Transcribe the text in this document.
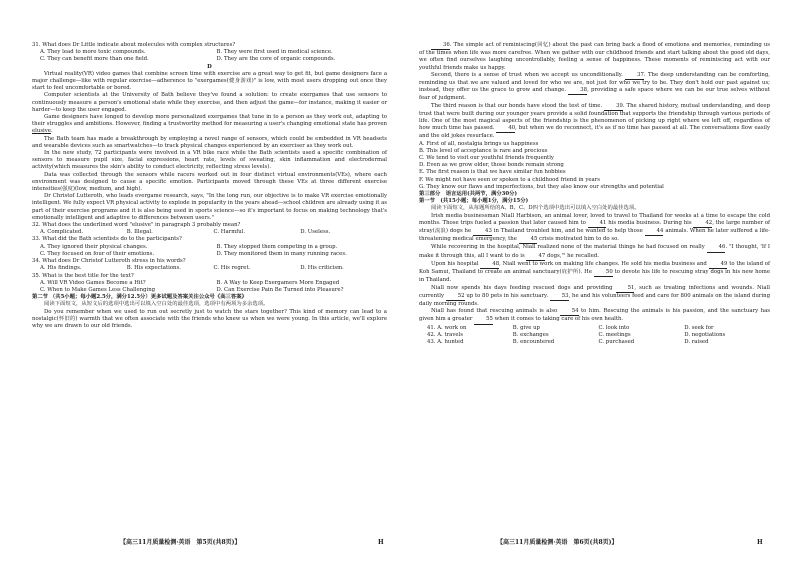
31. What does Dr Little indicate about molecules with complex structures?

A. They lead to more toxic compounds.	B. They were first used in medical science.
C. They can benefit more than one field.	D. They are the core of organic compounds.

D

Virtual reality(VR) video games that combine screen time with exercise are a great way to get fit, but game designers face a major challenge—like with regular exercise—adherence to "exergames(健身游戏)" is low, with most users dropping out once they start to feel uncomfortable or bored.

Computer scientists at the University of Bath believe they've found a solution: to create exergames that use sensors to continuously measure a person's emotional state while they exercise, and then adjust the game—for instance, making it easier or harder—to keep the user engaged.

Game designers have longed to develop more personalized exergames that tune in to a person as they work out, adapting to their struggles and ambitions. However, finding a trustworthy method for measuring a user's changing emotional state has proven elusive.

The Bath team has made a breakthrough by employing a novel range of sensors, which could be embedded in VR headsets and wearable devices such as smartwatches—to track physical changes experienced by an exerciser as they work out.

In the new study, 72 participants were involved in a VR bike race while the Bath scientists used a specific combination of sensors to measure pupil size, facial expressions, heart rate, levels of sweating, skin inflammation and electrodermal activity(which measures the skin's ability to conduct electricity, reflecting stress levels).

Data was collected through the sensors while racers worked out in four distinct virtual environments(VEs), where each environment was designed to cause a specific emotion. Participants moved through these VEs at three different exercise intensities(强度)(low, medium, and high).

Dr Christof Lutteroth, who leads evergame research, says, "In the long run, our objective is to make VR exercise emotionally intelligent. We fully expect VR physical activity to explode in popularity in the years ahead—school children are already using it as part of their exercise programs and it is also being used in sports science—so it's important to focus on making technology that's emotionally intelligent and adaptive to differences between users."

32. What does the underlined word "elusive" in paragraph 3 probably mean?

A. Complicated.	B. Illegal.	C. Harmful.	D. Useless.

33. What did the Bath scientists do to the participants?

A. They ignored their physical changes.	B. They stopped them competing in a group.
C. They focused on four of their emotions.	D. They monitored them in many running races.

34. What does Dr Christof Lutteroth stress in his words?

A. His findings.	B. His expectations.	C. His regret.	D. His criticism.

35. What is the best title for the text?

A. Will VR Video Games Become a Hit?	B. A Way to Keep Exergamers More Engaged
C. When to Make Games Less Challenging	D. Can Exercise Pain Be Turned into Pleasure?

第二节 （共5小题；每小题2.5分，满分12.5分）更多试题及答案关注公众号《高三答案》

阅读下面短文，从短文后的选项中选出可以填入空白处的最佳选项，选项中有两项为多余选项。

Do you remember when we used to run out secretly just to watch the stars together? This kind of memory can lead to a nostalgic(怀旧的) warmth that we often associate with the friends who knew us when we were young. In this article, we'll explore why we are drawn to our old friends.

【高三11月质量检测·英语　第5页(共8页)】	H

36. The simple act of reminiscing(回忆) about the past can bring back a flood of emotions and memories, reminding us of the times when life was more carefree. When we gather with our childhood friends and start talking about the good old days, we often find ourselves laughing uncontrollably, feeling a sense of happiness. These moments of reminiscing act with our youthful friends make us happy.

Second, there is a sense of trust when we accept us unconditionally.	37. The deep understanding can be comforting, reminding us that we are valued and loved for who we are, not just for who we try to be. They don't hold our past against us; instead, they offer us the grace to grow and change.	38, providing a safe space where we can be our true selves without fear of judgment.

The third reason is that our bonds have stood the test of time.	39. The shared history, mutual understanding, and deep trust that were built during our younger years provide a solid foundation that supports the friendship through various periods of life. One of the most magical aspects of the friendship is the phenomenon of picking up right where we left off, regardless of how much time has passed.	40, but when we do reconnect, it's as if no time has passed at all. The conversations flow easily and the old jokes resurface.

A. First of all, nostalgia brings us happiness

B. This level of acceptance is rare and precious

C. We tend to visit our youthful friends frequently

D. Even as we grow older, those bonds remain strong

E. The first reason is that we have similar fun hobbies

F. We might not have seen or spoken to a childhood friend in years

G. They know our flaws and imperfections, but they also know our strengths and potential

第三部分　语言运用(共两节，满分30分)

第一节　(共15小题；每小题1分，满分15分)

阅读下面短文，从每题所给的A、B、C、D四个选项中选出可以填入空白处的最佳选项。

Irish media businessman Niall Harbison, an animal lover, loved to travel to Thailand for weeks at a time to escape the cold months. Those trips fueled a passion that later caused him to	41 his media business. During his	42, the large number of stray(流浪) dogs he	43 in Thailand troubled him, and he wanted to help those	44 animals. When he later suffered a life-threatening medical emergency, the	45 crisis motivated him to do so.

While recovering in the hospital, Niall realized none of the material things he had focused on really	46. "I thought, 'If I make it through this, all I want to do is	47 dogs,'" he recalled.

Upon his hospital	48, Niall went to work on making life changes. He sold his media business and	49 to the island of Koh Samui, Thailand to create an animal sanctuary(庇护所). He	50 to devote his life to rescuing stray dogs in his new home in Thailand.

Niall now spends his days feeding rescued dogs and providing	51, such as treating infections and wounds. Niall currently	52 up to 80 pets in his sanctuary.	53, he and his volunteers feed and care for 800 animals on the island during daily morning rounds.

Niall has found that rescuing animals is also	54 to him. Rescuing the animals is his passion, and the sanctuary has given him a greater	55 when it comes to taking care of his own health.

41. A. work on	B. give up	C. look into	D. seek for
42. A. travels	B. exchanges	C. meetings	D. negotiations
43. A. hunted	B. encountered	C. purchased	D. raised
【高三11月质量检测·英语　第6页(共8页)】	H
